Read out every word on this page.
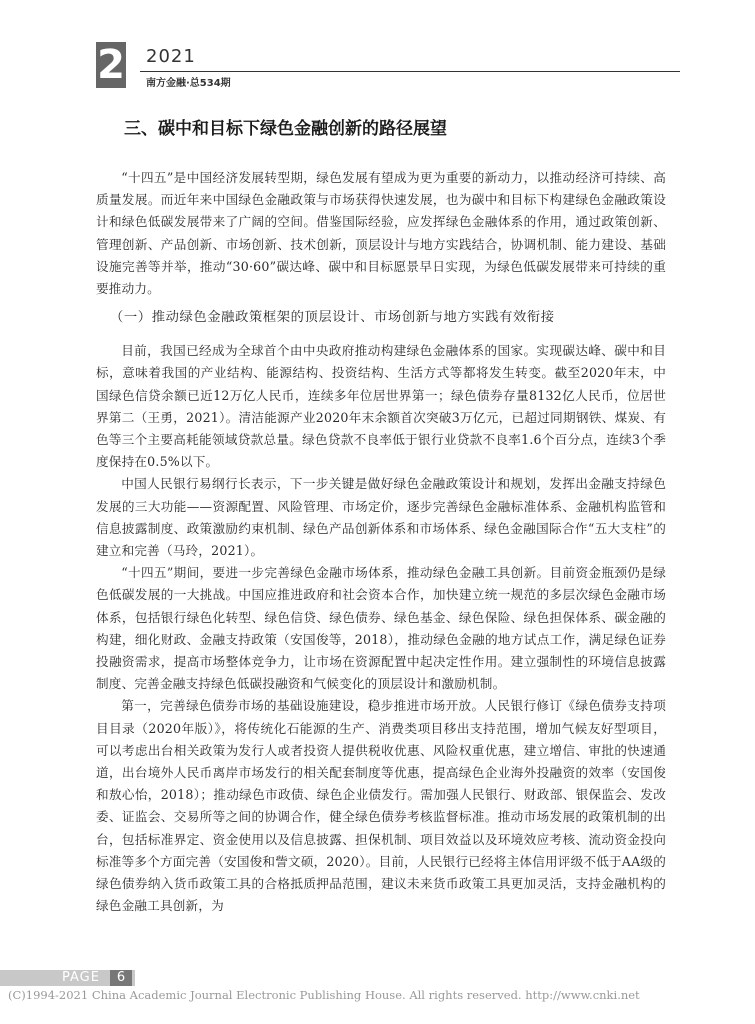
2 2021
南方金融·总534期
三、碳中和目标下绿色金融创新的路径展望

“十四五”是中国经济发展转型期，绿色发展有望成为更为重要的新动力，以推动经济可持续、高质量发展。而近年来中国绿色金融政策与市场获得快速发展，也为碳中和目标下构建绿色金融政策设计和绿色低碳发展带来了广阔的空间。借鉴国际经验，应发挥绿色金融体系的作用，通过政策创新、管理创新、产品创新、市场创新、技术创新，顶层设计与地方实践结合，协调机制、能力建设、基础设施完善等并举，推动“30·60”碳达峰、碳中和目标愿景早日实现，为绿色低碳发展带来可持续的重要推动力。

（一）推动绿色金融政策框架的顶层设计、市场创新与地方实践有效衔接

目前，我国已经成为全球首个由中央政府推动构建绿色金融体系的国家。实现碳达峰、碳中和目标，意味着我国的产业结构、能源结构、投资结构、生活方式等都将发生转变。截至2020年末，中国绿色信贷余额已近12万亿人民币，连续多年位居世界第一；绿色债券存量8132亿人民币，位居世界第二（王勇，2021）。清洁能源产业2020年末余额首次突破3万亿元，已超过同期钢铁、煤炭、有色等三个主要高耗能领域贷款总量。绿色贷款不良率低于银行业贷款不良率1.6个百分点，连续3个季度保持在0.5%以下。

中国人民银行易纲行长表示，下一步关键是做好绿色金融政策设计和规划，发挥出金融支持绿色发展的三大功能——资源配置、风险管理、市场定价，逐步完善绿色金融标准体系、金融机构监管和信息披露制度、政策激励约束机制、绿色产品创新体系和市场体系、绿色金融国际合作“五大支柱”的建立和完善（马玲，2021）。

“十四五”期间，要进一步完善绿色金融市场体系，推动绿色金融工具创新。目前资金瓶颈仍是绿色低碳发展的一大挑战。中国应推进政府和社会资本合作，加快建立统一规范的多层次绿色金融市场体系，包括银行绿色化转型、绿色信贷、绿色债券、绿色基金、绿色保险、绿色担保体系、碳金融的构建，细化财政、金融支持政策（安国俊等，2018），推动绿色金融的地方试点工作，满足绿色证券投融资需求，提高市场整体竞争力，让市场在资源配置中起决定性作用。建立强制性的环境信息披露制度、完善金融支持绿色低碳投融资和气候变化的顶层设计和激励机制。

第一，完善绿色债券市场的基础设施建设，稳步推进市场开放。人民银行修订《绿色债券支持项目目录（2020年版）》，将传统化石能源的生产、消费类项目移出支持范围，增加气候友好型项目，可以考虑出台相关政策为发行人或者投资人提供税收优惠、风险权重优惠，建立增信、审批的快速通道，出台境外人民币离岸市场发行的相关配套制度等优惠，提高绿色企业海外投融资的效率（安国俊和敖心怡，2018）；推动绿色市政债、绿色企业债发行。需加强人民银行、财政部、银保监会、发改委、证监会、交易所等之间的协调合作，健全绿色债券考核监督标准。推动市场发展的政策机制的出台，包括标准界定、资金使用以及信息披露、担保机制、项目效益以及环境效应考核、流动资金投向标准等多个方面完善（安国俊和訾文硕，2020）。目前，人民银行已经将主体信用评级不低于AA级的绿色债券纳入货币政策工具的合格抵质押品范围，建议未来货币政策工具更加灵活，支持金融机构的绿色金融工具创新，为

PAGE	6
(C)1994-2021 China Academic Journal Electronic Publishing House. All rights reserved. http://www.cnki.net
